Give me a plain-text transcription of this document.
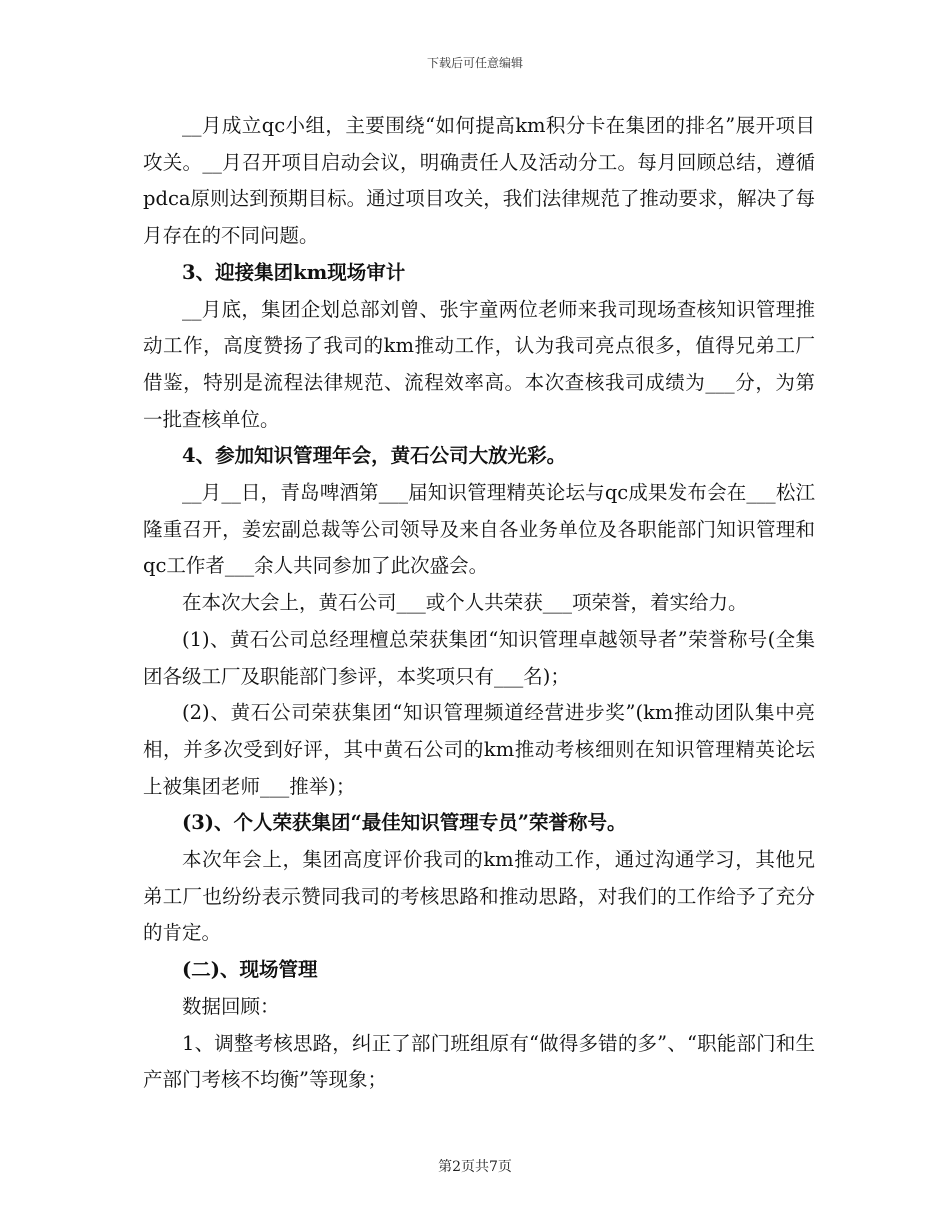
下载后可任意编辑

__月成立qc小组，主要围绕“如何提高km积分卡在集团的排名”展开项目攻关。__月召开项目启动会议，明确责任人及活动分工。每月回顾总结，遵循pdca原则达到预期目标。通过项目攻关，我们法律规范了推动要求，解决了每月存在的不同问题。

3、迎接集团km现场审计

__月底，集团企划总部刘曾、张宇童两位老师来我司现场查核知识管理推动工作，高度赞扬了我司的km推动工作，认为我司亮点很多，值得兄弟工厂借鉴，特别是流程法律规范、流程效率高。本次查核我司成绩为___分，为第一批查核单位。

4、参加知识管理年会，黄石公司大放光彩。

__月__日，青岛啤酒第___届知识管理精英论坛与qc成果发布会在___松江隆重召开，姜宏副总裁等公司领导及来自各业务单位及各职能部门知识管理和qc工作者___余人共同参加了此次盛会。

在本次大会上，黄石公司___或个人共荣获___项荣誉，着实给力。

(1)、黄石公司总经理檀总荣获集团“知识管理卓越领导者”荣誉称号(全集团各级工厂及职能部门参评，本奖项只有___名)；

(2)、黄石公司荣获集团“知识管理频道经营进步奖”(km推动团队集中亮相，并多次受到好评，其中黄石公司的km推动考核细则在知识管理精英论坛上被集团老师___推举)；

(3)、个人荣获集团“最佳知识管理专员”荣誉称号。

本次年会上，集团高度评价我司的km推动工作，通过沟通学习，其他兄弟工厂也纷纷表示赞同我司的考核思路和推动思路，对我们的工作给予了充分的肯定。

(二)、现场管理

数据回顾：

1、调整考核思路，纠正了部门班组原有“做得多错的多”、“职能部门和生产部门考核不均衡”等现象；

第2页共7页
